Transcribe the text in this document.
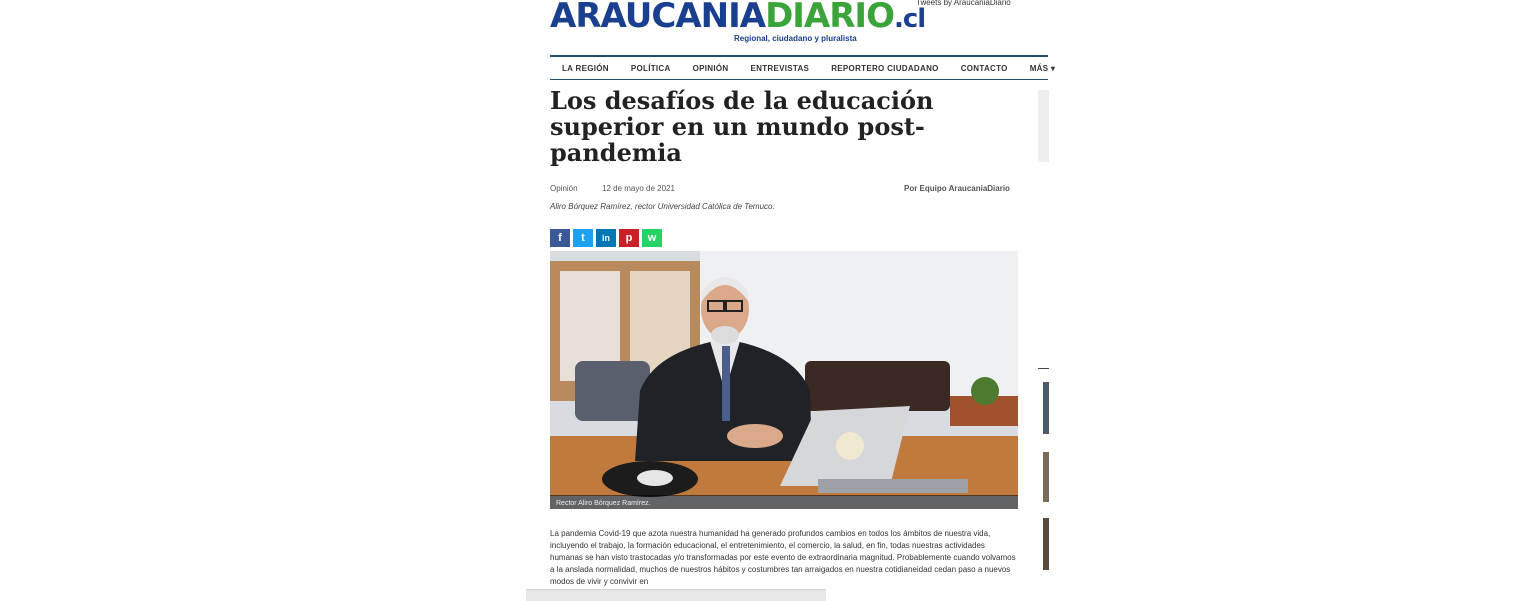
ARAUCANIADIARIO.cl
Regional, ciudadano y pluralista
Tweets by AraucaniaDiario
LA REGIÓN	POLÍTICA	OPINIÓN	ENTREVISTAS	REPORTERO CIUDADANO	CONTACTO	MÁS ▾
Los desafíos de la educación superior en un mundo post-pandemia
Opinión	12 de mayo de 2021	Por Equipo AraucaniaDiario
Aliro Bórquez Ramírez, rector Universidad Católica de Temuco.
f	t	in	p	w
Rector Aliro Bórquez Ramírez.

La pandemia Covid-19 que azota nuestra humanidad ha generado profundos cambios en todos los ámbitos de nuestra vida, incluyendo el trabajo, la formación educacional, el entretenimiento, el comercio, la salud, en fin, todas nuestras actividades humanas se han visto trastocadas y/o transformadas por este evento de extraordinaria magnitud. Probablemente cuando volvamos a la anslada normalidad, muchos de nuestros hábitos y costumbres tan arraigados en nuestra cotidianeidad cedan paso a nuevos modos de vivir y convivir en
